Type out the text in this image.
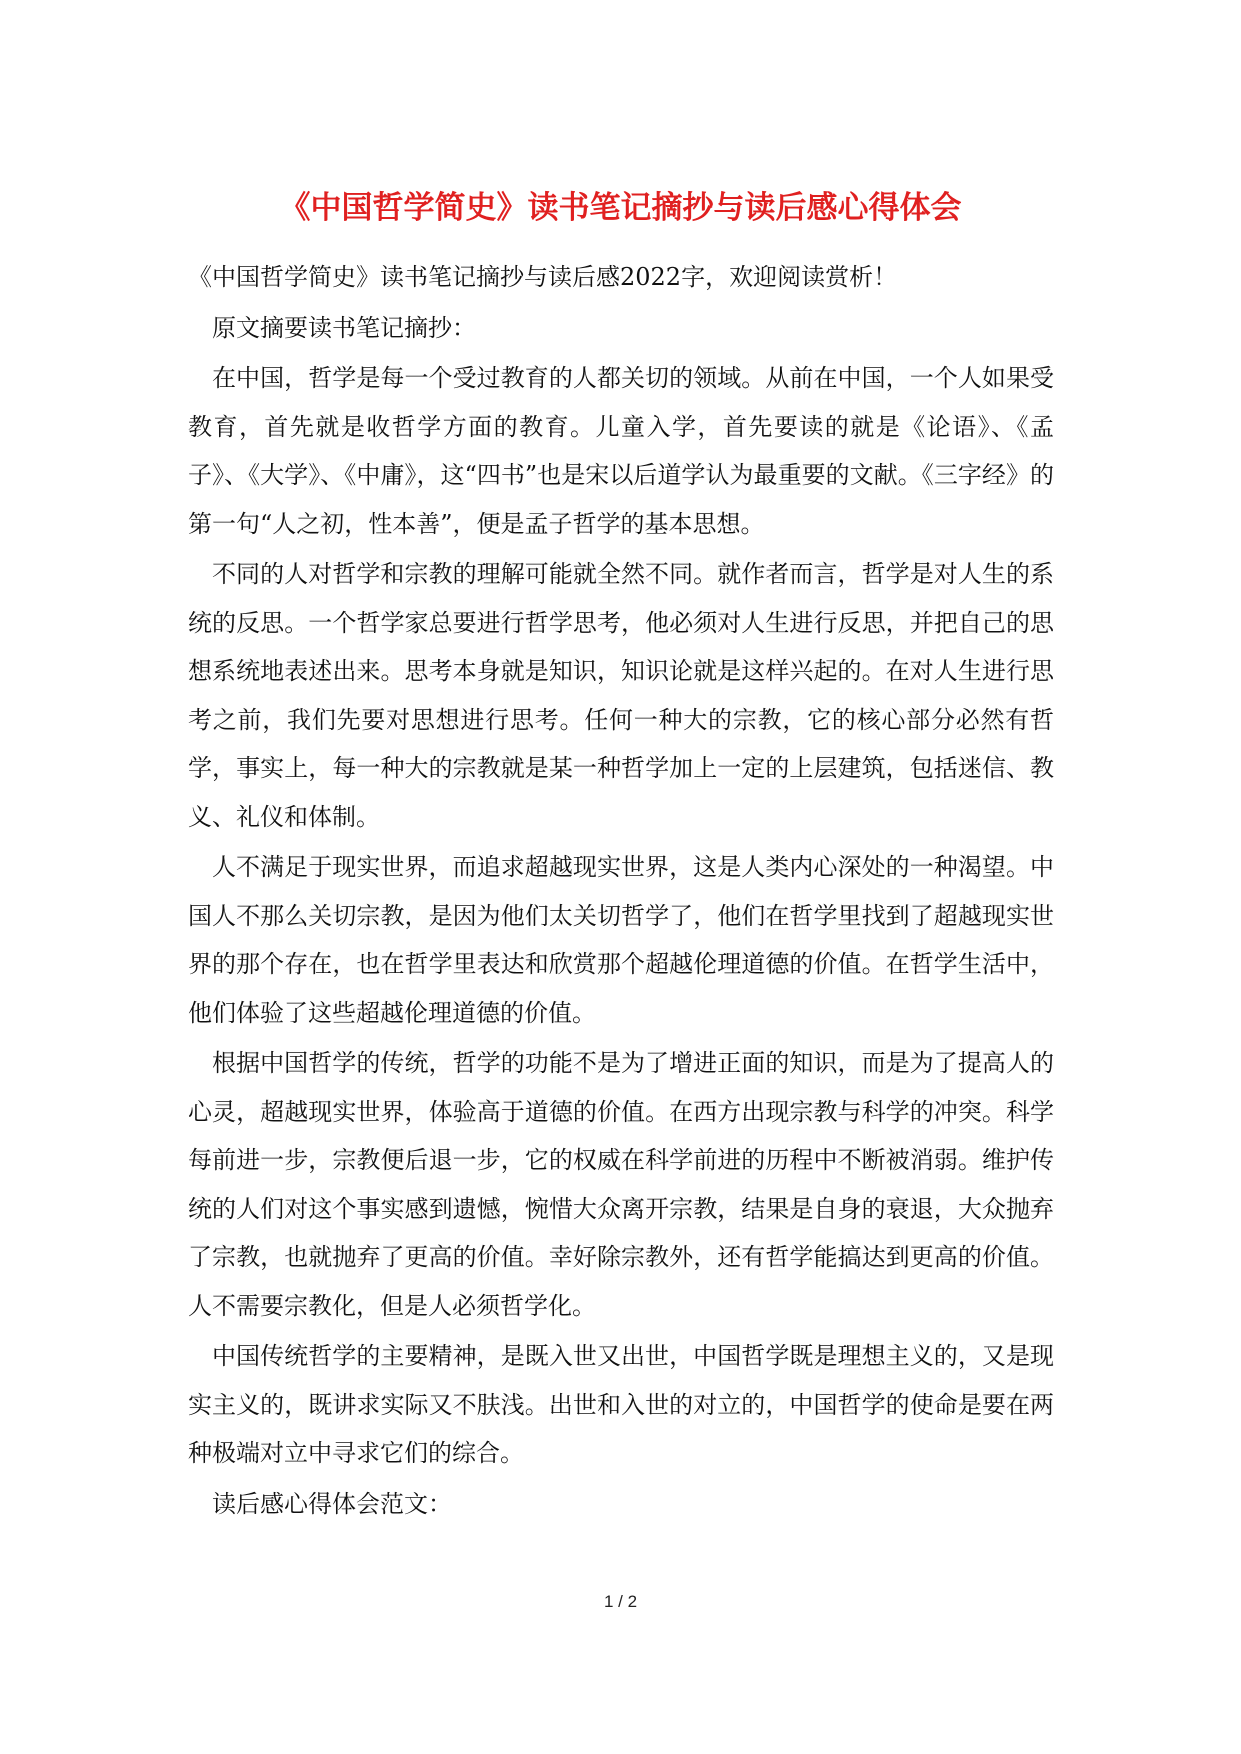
《中国哲学简史》读书笔记摘抄与读后感心得体会

《中国哲学简史》读书笔记摘抄与读后感2022字，欢迎阅读赏析！

原文摘要读书笔记摘抄：

在中国，哲学是每一个受过教育的人都关切的领域。从前在中国，一个人如果受教育，首先就是收哲学方面的教育。儿童入学，首先要读的就是《论语》、《孟子》、《大学》、《中庸》，这“四书”也是宋以后道学认为最重要的文献。《三字经》的第一句“人之初，性本善”，便是孟子哲学的基本思想。

不同的人对哲学和宗教的理解可能就全然不同。就作者而言，哲学是对人生的系统的反思。一个哲学家总要进行哲学思考，他必须对人生进行反思，并把自己的思想系统地表述出来。思考本身就是知识，知识论就是这样兴起的。在对人生进行思考之前，我们先要对思想进行思考。任何一种大的宗教，它的核心部分必然有哲学，事实上，每一种大的宗教就是某一种哲学加上一定的上层建筑，包括迷信、教义、礼仪和体制。

人不满足于现实世界，而追求超越现实世界，这是人类内心深处的一种渴望。中国人不那么关切宗教，是因为他们太关切哲学了，他们在哲学里找到了超越现实世界的那个存在，也在哲学里表达和欣赏那个超越伦理道德的价值。在哲学生活中，他们体验了这些超越伦理道德的价值。

根据中国哲学的传统，哲学的功能不是为了增进正面的知识，而是为了提高人的心灵，超越现实世界，体验高于道德的价值。在西方出现宗教与科学的冲突。科学每前进一步，宗教便后退一步，它的权威在科学前进的历程中不断被消弱。维护传统的人们对这个事实感到遗憾，惋惜大众离开宗教，结果是自身的衰退，大众抛弃了宗教，也就抛弃了更高的价值。幸好除宗教外，还有哲学能搞达到更高的价值。人不需要宗教化，但是人必须哲学化。

中国传统哲学的主要精神，是既入世又出世，中国哲学既是理想主义的，又是现实主义的，既讲求实际又不肤浅。出世和入世的对立的，中国哲学的使命是要在两种极端对立中寻求它们的综合。

读后感心得体会范文：

1 / 2
